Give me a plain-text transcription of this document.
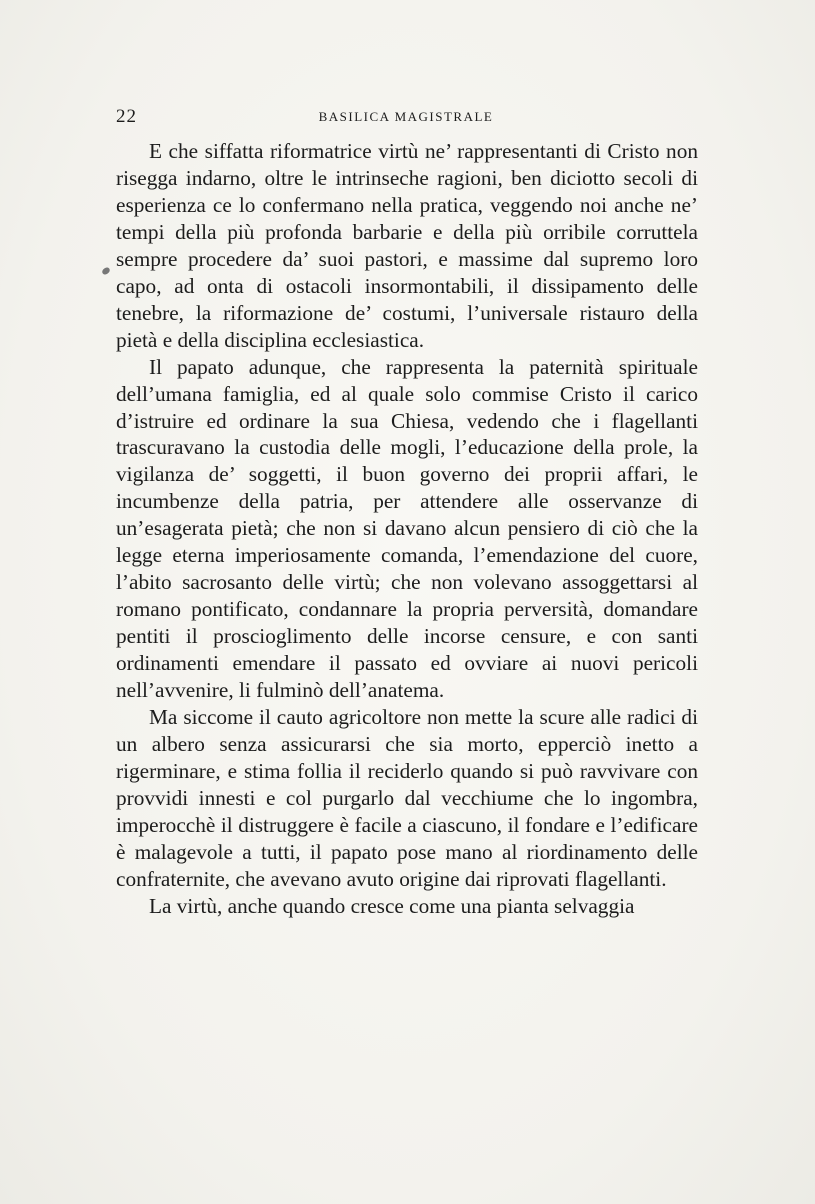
22	BASILICA MAGISTRALE

E che siffatta riformatrice virtù ne’ rappresentanti di Cristo non risegga indarno, oltre le intrinseche ragioni, ben diciotto secoli di esperienza ce lo confermano nella pratica, veggendo noi anche ne’ tempi della più profonda barbarie e della più orribile corruttela sempre procedere da’ suoi pastori, e massime dal supremo loro capo, ad onta di ostacoli insormontabili, il dissipamento delle tenebre, la riformazione de’ costumi, l’universale ristauro della pietà e della disciplina ecclesiastica.

Il papato adunque, che rappresenta la paternità spirituale dell’umana famiglia, ed al quale solo commise Cristo il carico d’istruire ed ordinare la sua Chiesa, vedendo che i flagellanti trascuravano la custodia delle mogli, l’educazione della prole, la vigilanza de’ soggetti, il buon governo dei proprii affari, le incumbenze della patria, per attendere alle osservanze di un’esagerata pietà; che non si davano alcun pensiero di ciò che la legge eterna imperiosamente comanda, l’emendazione del cuore, l’abito sacrosanto delle virtù; che non volevano assoggettarsi al romano pontificato, condannare la propria perversità, domandare pentiti il proscioglimento delle incorse censure, e con santi ordinamenti emendare il passato ed ovviare ai nuovi pericoli nell’avvenire, li fulminò dell’anatema.

Ma siccome il cauto agricoltore non mette la scure alle radici di un albero senza assicurarsi che sia morto, epperciò inetto a rigerminare, e stima follia il reciderlo quando si può ravvivare con provvidi innesti e col purgarlo dal vecchiume che lo ingombra, imperocchè il distruggere è facile a ciascuno, il fondare e l’edificare è malagevole a tutti, il papato pose mano al riordinamento delle confraternite, che avevano avuto origine dai riprovati flagellanti.

La virtù, anche quando cresce come una pianta selvaggia
